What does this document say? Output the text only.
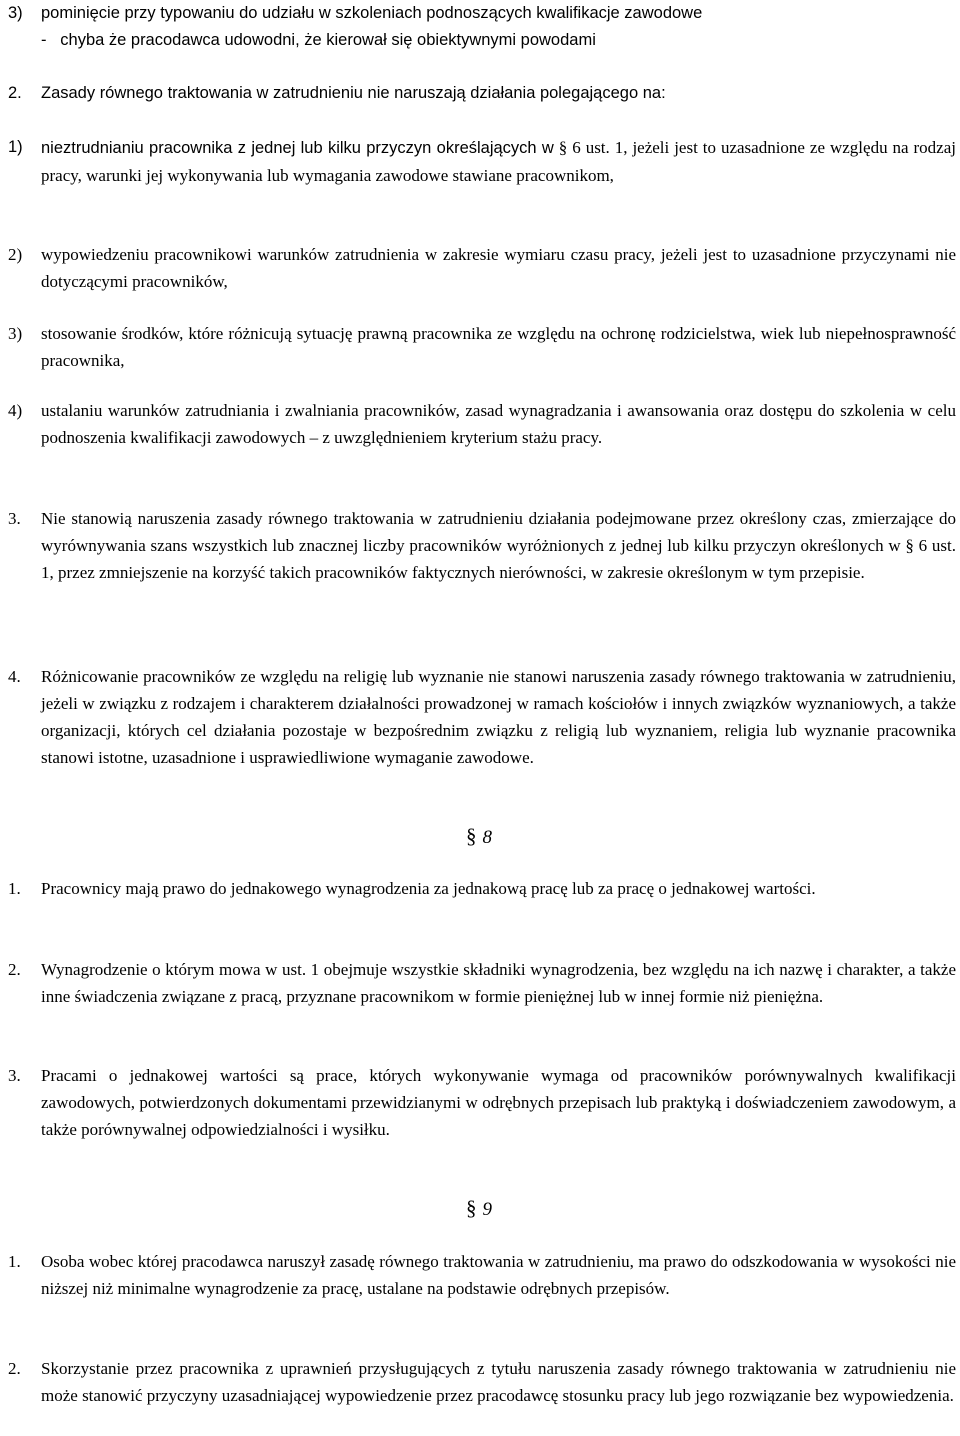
3) pominięcie przy typowaniu do udziału w szkoleniach podnoszących kwalifikacje zawodowe
- chyba że pracodawca udowodni, że kierował się obiektywnymi powodami
2. Zasady równego traktowania w zatrudnieniu nie naruszają działania polegającego na:
1) nieztrudnianiu pracownika z jednej lub kilku przyczyn określających w § 6 ust. 1, jeżeli jest to uzasadnione ze względu na rodzaj pracy, warunki jej wykonywania lub wymagania zawodowe stawiane pracownikom,
2) wypowiedzeniu pracownikowi warunków zatrudnienia w zakresie wymiaru czasu pracy, jeżeli jest to uzasadnione przyczynami nie dotyczącymi pracowników,
3) stosowanie środków, które różnicują sytuację prawną pracownika ze względu na ochronę rodzicielstwa, wiek lub niepełnosprawność pracownika,
4) ustalaniu warunków zatrudniania i zwalniania pracowników, zasad wynagradzania i awansowania oraz dostępu do szkolenia w celu podnoszenia kwalifikacji zawodowych – z uwzględnieniem kryterium stażu pracy.
3. Nie stanowią naruszenia zasady równego traktowania w zatrudnieniu działania podejmowane przez określony czas, zmierzające do wyrównywania szans wszystkich lub znacznej liczby pracowników wyróżnionych z jednej lub kilku przyczyn określonych w § 6 ust. 1, przez zmniejszenie na korzyść takich pracowników faktycznych nierówności, w zakresie określonym w tym przepisie.
4. Różnicowanie pracowników ze względu na religię lub wyznanie nie stanowi naruszenia zasady równego traktowania w zatrudnieniu, jeżeli w związku z rodzajem i charakterem działalności prowadzonej w ramach kościołów i innych związków wyznaniowych, a także organizacji, których cel działania pozostaje w bezpośrednim związku z religią lub wyznaniem, religia lub wyznanie pracownika stanowi istotne, uzasadnione i usprawiedliwione wymaganie zawodowe.
§ 8
1. Pracownicy mają prawo do jednakowego wynagrodzenia za jednakową pracę lub za pracę o jednakowej wartości.
2. Wynagrodzenie o którym mowa w ust. 1 obejmuje wszystkie składniki wynagrodzenia, bez względu na ich nazwę i charakter, a także inne świadczenia związane z pracą, przyznane pracownikom w formie pieniężnej lub w innej formie niż pieniężna.
3. Pracami o jednakowej wartości są prace, których wykonywanie wymaga od pracowników porównywalnych kwalifikacji zawodowych, potwierdzonych dokumentami przewidzianymi w odrębnych przepisach lub praktyką i doświadczeniem zawodowym, a także porównywalnej odpowiedzialności i wysiłku.
§ 9
1. Osoba wobec której pracodawca naruszył zasadę równego traktowania w zatrudnieniu, ma prawo do odszkodowania w wysokości nie niższej niż minimalne wynagrodzenie za pracę, ustalane na podstawie odrębnych przepisów.
2. Skorzystanie przez pracownika z uprawnień przysługujących z tytułu naruszenia zasady równego traktowania w zatrudnieniu nie może stanowić przyczyny uzasadniającej wypowiedzenie przez pracodawcę stosunku pracy lub jego rozwiązanie bez wypowiedzenia.
